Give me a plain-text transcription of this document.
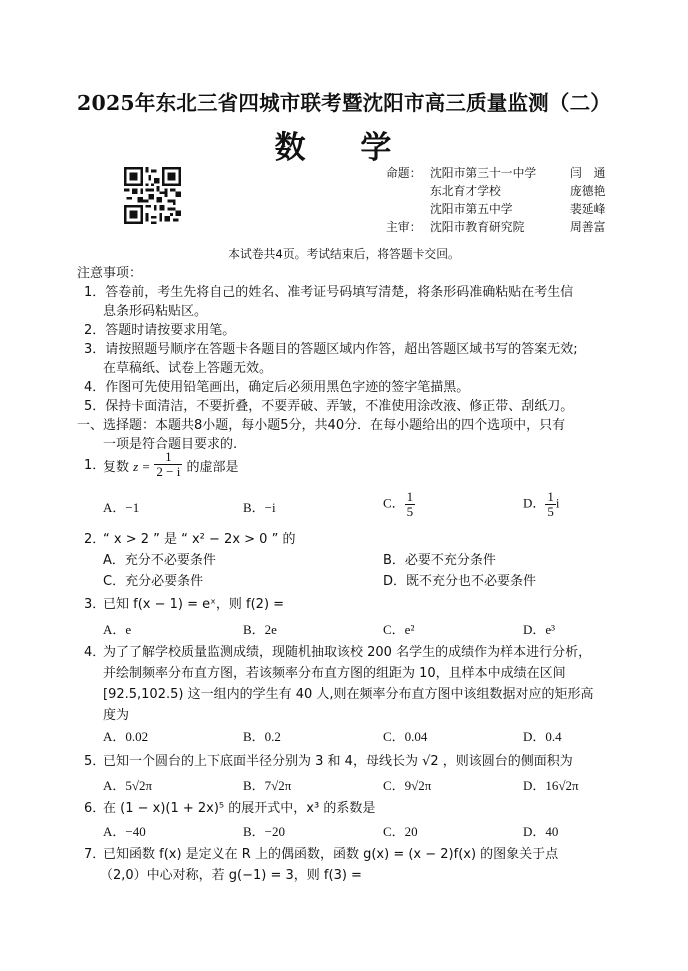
2025年东北三省四城市联考暨沈阳市高三质量监测（二）
数 学
命题： 沈阳市第三十一中学	闫　通
东北育才学校	庞德艳
沈阳市第五中学	裴延峰
主审： 沈阳市教育研究院	周善富
本试卷共4页。考试结束后，将答题卡交回。
注意事项：
1．答卷前，考生先将自己的姓名、准考证号码填写清楚，将条形码准确粘贴在考生信
息条形码粘贴区。
2．答题时请按要求用笔。
3．请按照题号顺序在答题卡各题目的答题区域内作答，超出答题区域书写的答案无效;
在草稿纸、试卷上答题无效。
4．作图可先使用铅笔画出，确定后必须用黑色字迹的签字笔描黑。
5．保持卡面清洁，不要折叠，不要弄破、弄皱，不准使用涂改液、修正带、刮纸刀。
一、选择题：本题共8小题，每小题5分，共40分．在每小题给出的四个选项中，只有
一项是符合题目要求的.
1．
复数 $z = \frac{1}{2 - i}$ 的虚部是
A．−1	B．−i	C． $\frac{1}{5}$	D． $\frac{1}{5}$ i
2．
“ x > 2 ” 是 “ x² − 2x > 0 ” 的
A．充分不必要条件	B．必要不充分条件
C．充分必要条件	D．既不充分也不必要条件
3．
已知 f(x − 1) = eˣ，则 f(2) =
A．e	B．2e	C．e²	D．e³
4．
为了了解学校质量监测成绩，现随机抽取该校 200 名学生的成绩作为样本进行分析，
并绘制频率分布直方图，若该频率分布直方图的组距为 10，且样本中成绩在区间
[92.5,102.5) 这一组内的学生有 40 人,则在频率分布直方图中该组数据对应的矩形高
度为
A．0.02	B．0.2	C．0.04	D．0.4
5．
已知一个圆台的上下底面半径分别为 3 和 4，母线长为 √2 ，则该圆台的侧面积为
A．5√2π	B．7√2π	C．9√2π	D．16√2π
6．
在 (1 − x)(1 + 2x)⁵ 的展开式中，x³ 的系数是
A．−40	B．−20	C．20	D．40
7．
已知函数 f(x) 是定义在 R 上的偶函数，函数 g(x) = (x − 2)f(x) 的图象关于点
（2,0）中心对称，若 g(−1) = 3，则 f(3) =
